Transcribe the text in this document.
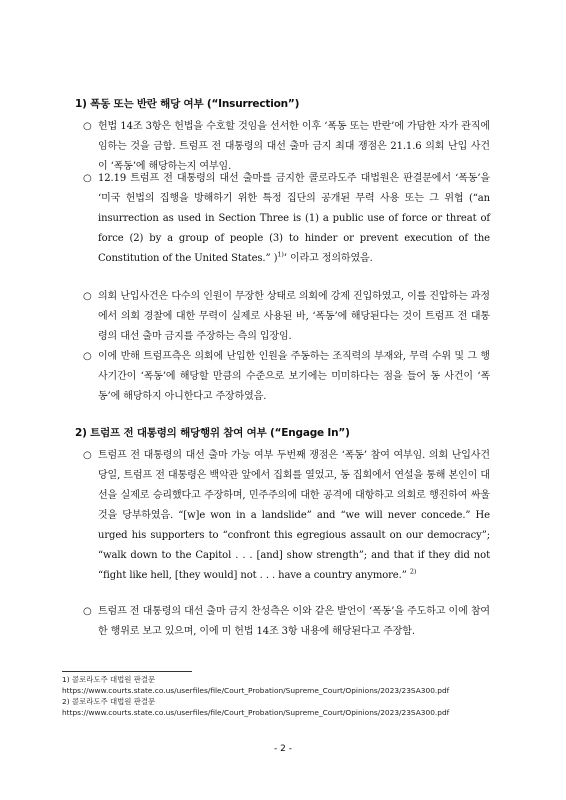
1) 폭동 또는 반란 해당 여부 (“Insurrection”)
○ 헌법 14조 3항은 헌법을 수호할 것임을 선서한 이후 ‘폭동 또는 반란’에 가담한 자가 관직에 임하는 것을 금함. 트럼프 전 대통령의 대선 출마 금지 최대 쟁점은 21.1.6 의회 난입 사건이 ‘폭동’에 해당하는지 여부임.
○ 12.19 트럼프 전 대통령의 대선 출마를 금지한 콜로라도주 대법원은 판결문에서 ‘폭동’을 ‘미국 헌법의 집행을 방해하기 위한 특정 집단의 공개된 무력 사용 또는 그 위협 (“an insurrection as used in Section Three is (1) a public use of force or threat of force (2) by a group of people (3) to hinder or prevent execution of the Constitution of the United States.” )$^{1)}$’ 이라고 정의하였음.
○ 의회 난입사건은 다수의 인원이 무장한 상태로 의회에 강제 진입하였고, 이를 진압하는 과정에서 의회 경찰에 대한 무력이 실제로 사용된 바, ‘폭동’에 해당된다는 것이 트럼프 전 대통령의 대선 출마 금지를 주장하는 측의 입장임.
○ 이에 반해 트럼프측은 의회에 난입한 인원을 주동하는 조직력의 부재와, 무력 수위 및 그 행사기간이 ‘폭동’에 해당할 만큼의 수준으로 보기에는 미미하다는 점을 들어 동 사건이 ‘폭동’에 해당하지 아니한다고 주장하였음.
2) 트럼프 전 대통령의 해당행위 참여 여부 (“Engage In”)
○ 트럼프 전 대통령의 대선 출마 가능 여부 두번째 쟁점은 ‘폭동’ 참여 여부임. 의회 난입사건 당일, 트럼프 전 대통령은 백악관 앞에서 집회를 열었고, 동 집회에서 연설을 통해 본인이 대선을 실제로 승리했다고 주장하며, 민주주의에 대한 공격에 대항하고 의회로 행진하여 싸울것을 당부하였음. “[w]e won in a landslide” and “we will never concede.” He urged his supporters to “confront this egregious assault on our democracy”; “walk down to the Capitol . . . [and] show strength”; and that if they did not “fight like hell, [they would] not . . . have a country anymore.” $^{2)}$
○ 트럼프 전 대통령의 대선 출마 금지 찬성측은 이와 같은 발언이 ‘폭동’을 주도하고 이에 참여한 행위로 보고 있으며, 이에 미 헌법 14조 3항 내용에 해당된다고 주장함.
1) 콜로라도주 대법원 판결문
https://www.courts.state.co.us/userfiles/file/Court_Probation/Supreme_Court/Opinions/2023/23SA300.pdf
2) 콜로라도주 대법원 판결문
https://www.courts.state.co.us/userfiles/file/Court_Probation/Supreme_Court/Opinions/2023/23SA300.pdf
- 2 -
